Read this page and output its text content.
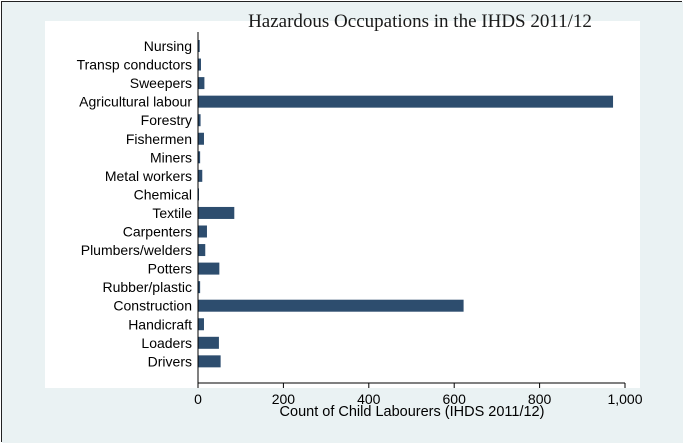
Hazardous Occupations in the IHDS 2011/12
Nursing
Transp conductors
Sweepers
Agricultural labour
Forestry
Fishermen
Miners
Metal workers
Chemical
Textile
Carpenters
Plumbers/welders
Potters
Rubber/plastic
Construction
Handicraft
Loaders
Drivers
0	200	400	600	800	1,000
Count of Child Labourers (IHDS 2011/12)
